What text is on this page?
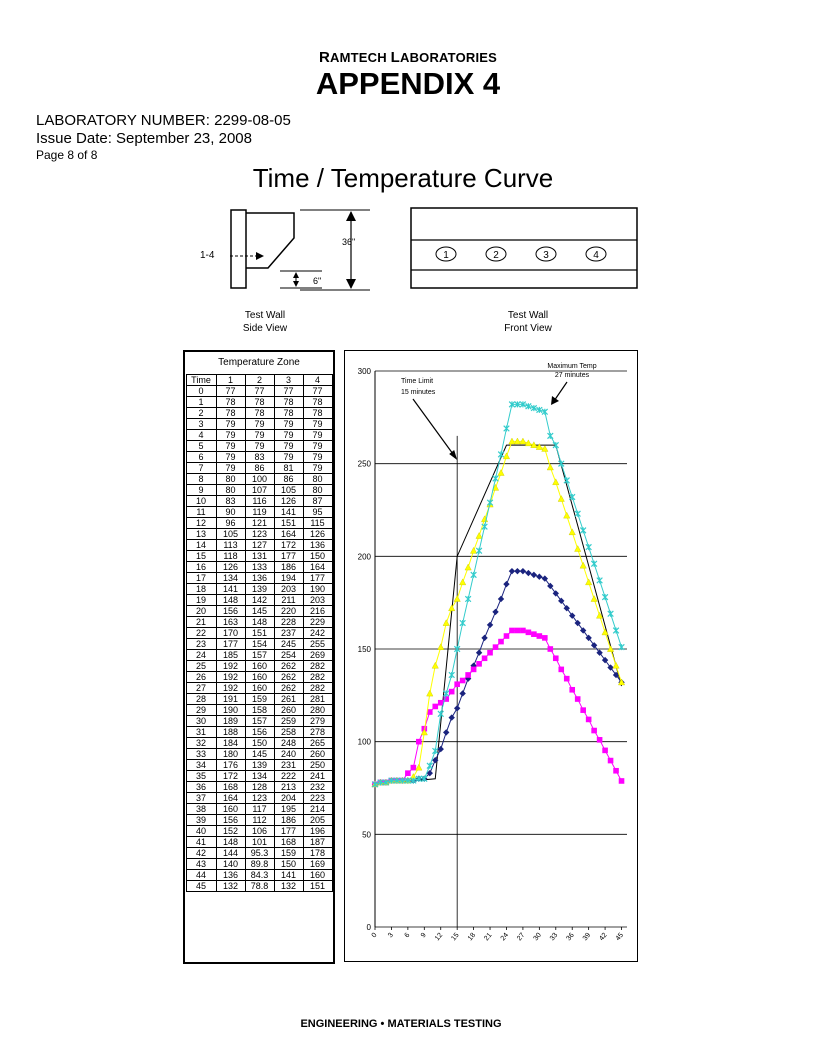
RAMTECH LABORATORIES
APPENDIX 4
LABORATORY NUMBER: 2299-08-05
Issue Date: September 23, 2008
Page 8 of 8
Time / Temperature Curve
1-4
36"
6"
1	2	3	4
Test Wall
Side View
Test Wall
Front View
Temperature Zone				
Time	1	2	3	4
0	77	77	77	77
1	78	78	78	78
2	78	78	78	78
3	79	79	79	79
4	79	79	79	79
5	79	79	79	79
6	79	83	79	79
7	79	86	81	79
8	80	100	86	80
9	80	107	105	80
10	83	116	126	87
11	90	119	141	95
12	96	121	151	115
13	105	123	164	126
14	113	127	172	136
15	118	131	177	150
16	126	133	186	164
17	134	136	194	177
18	141	139	203	190
19	148	142	211	203
20	156	145	220	216
21	163	148	228	229
22	170	151	237	242
23	177	154	245	255
24	185	157	254	269
25	192	160	262	282
26	192	160	262	282
27	192	160	262	282
28	191	159	261	281
29	190	158	260	280
30	189	157	259	279
31	188	156	258	278
32	184	150	248	265
33	180	145	240	260
34	176	139	231	250
35	172	134	222	241
36	168	128	213	232
37	164	123	204	223
38	160	117	195	214
39	156	112	186	205
40	152	106	177	196
41	148	101	168	187
42	144	95.3	159	178
43	140	89.8	150	169
44	136	84.3	141	160
45	132	78.8	132	151
0
50
100
150
200
250
300
0 3 6 9 12 15 18 21 24 27 30 33 36 39 42 45
Time Limit
15 minutes
Maximum Temp
27 minutes
ENGINEERING • MATERIALS TESTING
